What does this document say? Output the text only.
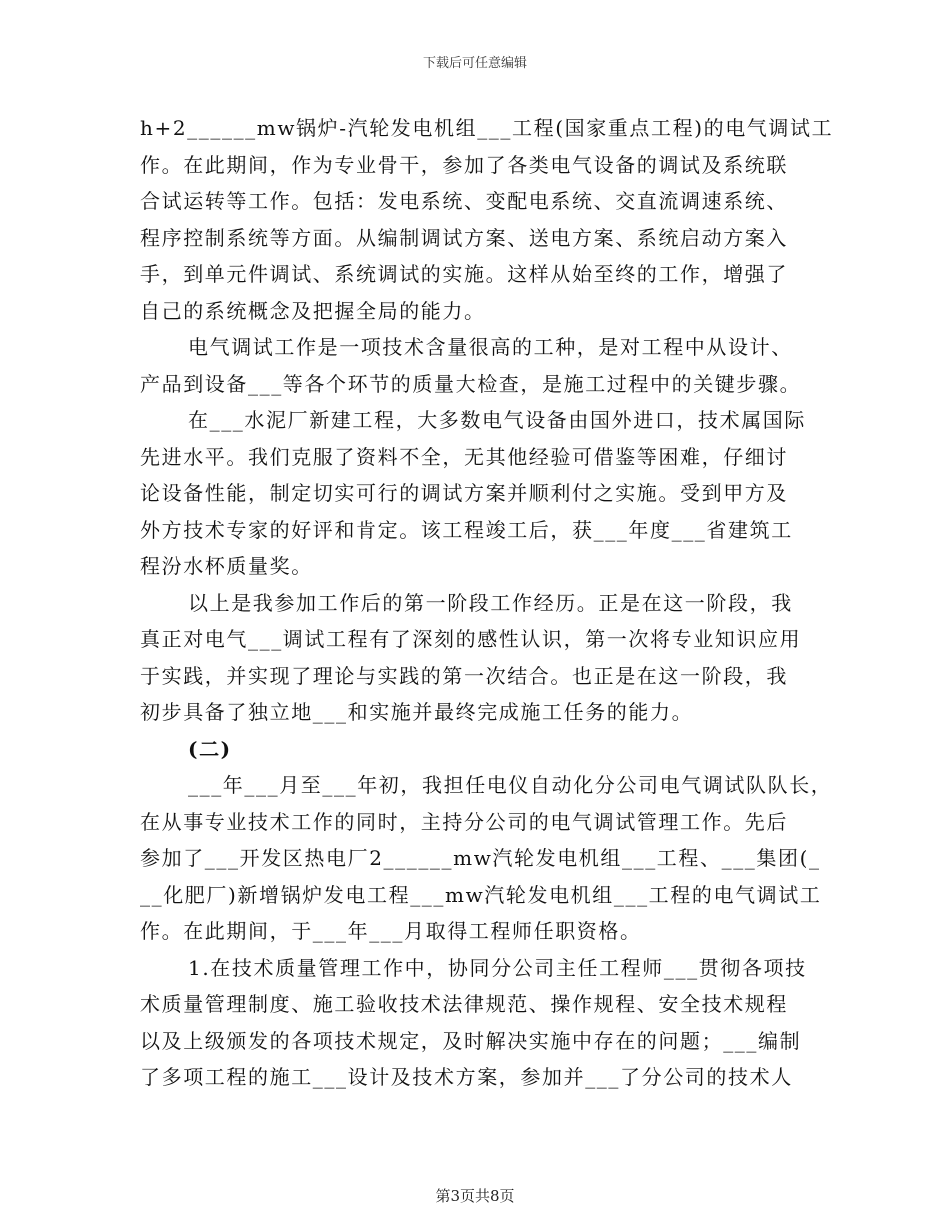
下载后可任意编辑
h+2______mw锅炉-汽轮发电机组___工程(国家重点工程)的电气调试工
作。在此期间，作为专业骨干，参加了各类电气设备的调试及系统联
合试运转等工作。包括：发电系统、变配电系统、交直流调速系统、
程序控制系统等方面。从编制调试方案、送电方案、系统启动方案入
手，到单元件调试、系统调试的实施。这样从始至终的工作，增强了
自己的系统概念及把握全局的能力。
电气调试工作是一项技术含量很高的工种，是对工程中从设计、
产品到设备___等各个环节的质量大检查，是施工过程中的关键步骤。
在___水泥厂新建工程，大多数电气设备由国外进口，技术属国际
先进水平。我们克服了资料不全，无其他经验可借鉴等困难，仔细讨
论设备性能，制定切实可行的调试方案并顺利付之实施。受到甲方及
外方技术专家的好评和肯定。该工程竣工后，获___年度___省建筑工
程汾水杯质量奖。
以上是我参加工作后的第一阶段工作经历。正是在这一阶段，我
真正对电气___调试工程有了深刻的感性认识，第一次将专业知识应用
于实践，并实现了理论与实践的第一次结合。也正是在这一阶段，我
初步具备了独立地___和实施并最终完成施工任务的能力。
(二)
___年___月至___年初，我担任电仪自动化分公司电气调试队队长，
在从事专业技术工作的同时，主持分公司的电气调试管理工作。先后
参加了___开发区热电厂2______mw汽轮发电机组___工程、___集团(_
__化肥厂)新增锅炉发电工程___mw汽轮发电机组___工程的电气调试工
作。在此期间，于___年___月取得工程师任职资格。
1.在技术质量管理工作中，协同分公司主任工程师___贯彻各项技
术质量管理制度、施工验收技术法律规范、操作规程、安全技术规程
以及上级颁发的各项技术规定，及时解决实施中存在的问题；___编制
了多项工程的施工___设计及技术方案，参加并___了分公司的技术人
第3页共8页
